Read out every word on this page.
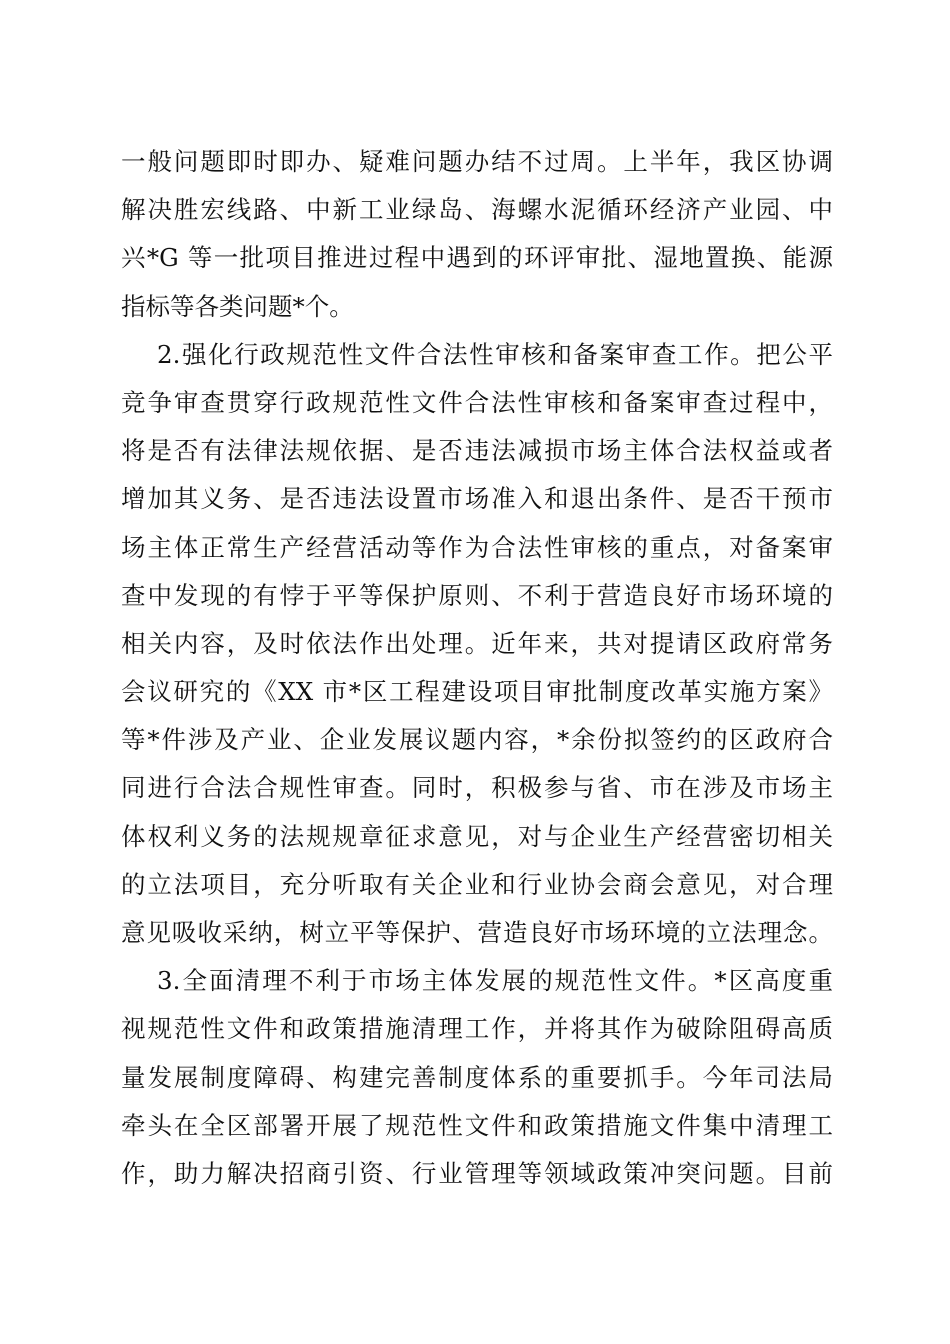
一般问题即时即办、疑难问题办结不过周。上半年，我区协调
解决胜宏线路、中新工业绿岛、海螺水泥循环经济产业园、中
兴*G 等一批项目推进过程中遇到的环评审批、湿地置换、能源
指标等各类问题*个。
2.强化行政规范性文件合法性审核和备案审查工作。把公平
竞争审查贯穿行政规范性文件合法性审核和备案审查过程中，
将是否有法律法规依据、是否违法减损市场主体合法权益或者
增加其义务、是否违法设置市场准入和退出条件、是否干预市
场主体正常生产经营活动等作为合法性审核的重点，对备案审
查中发现的有悖于平等保护原则、不利于营造良好市场环境的
相关内容，及时依法作出处理。近年来，共对提请区政府常务
会议研究的《XX 市*区工程建设项目审批制度改革实施方案》
等*件涉及产业、企业发展议题内容，*余份拟签约的区政府合
同进行合法合规性审查。同时，积极参与省、市在涉及市场主
体权利义务的法规规章征求意见，对与企业生产经营密切相关
的立法项目，充分听取有关企业和行业协会商会意见，对合理
意见吸收采纳，树立平等保护、营造良好市场环境的立法理念。
3.全面清理不利于市场主体发展的规范性文件。*区高度重
视规范性文件和政策措施清理工作，并将其作为破除阻碍高质
量发展制度障碍、构建完善制度体系的重要抓手。今年司法局
牵头在全区部署开展了规范性文件和政策措施文件集中清理工
作，助力解决招商引资、行业管理等领域政策冲突问题。目前
